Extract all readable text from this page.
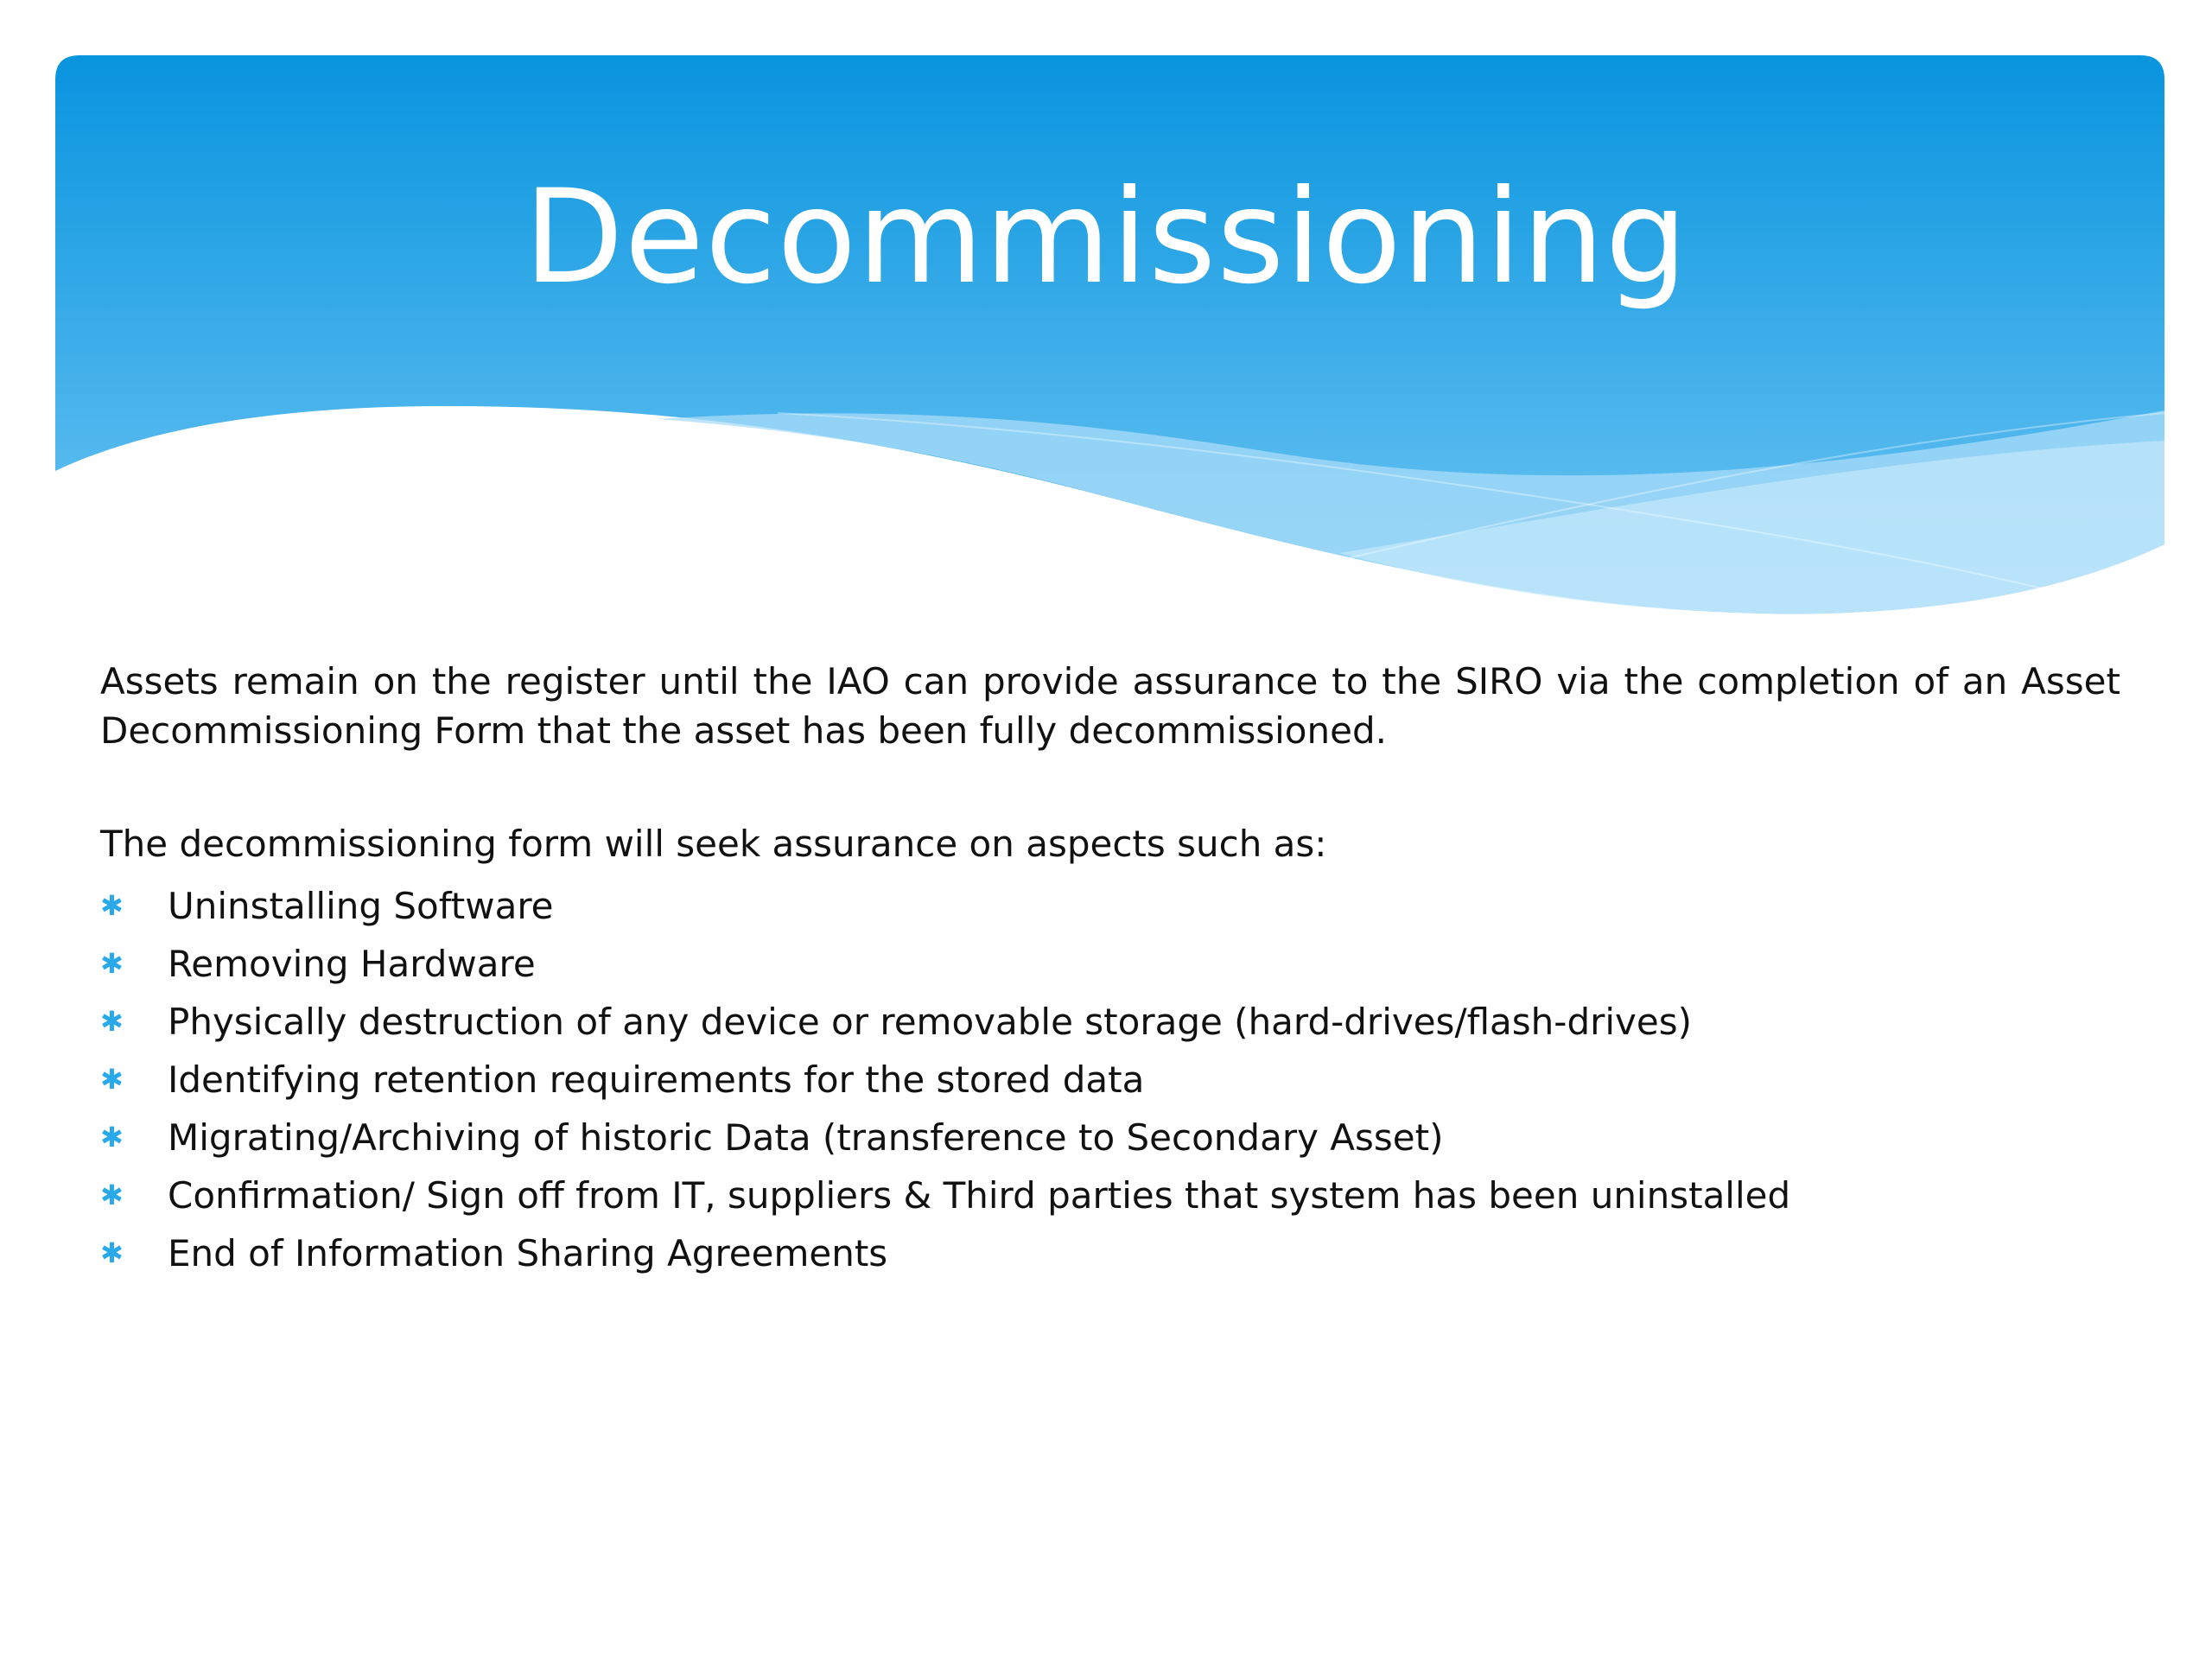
Decommissioning

Assets remain on the register until the IAO can provide assurance to the SIRO via the completion of an Asset Decommissioning Form that the asset has been fully decommissioned.

The decommissioning form will seek assurance on aspects such as:

✱	Uninstalling Software
✱	Removing Hardware
✱	Physically destruction of any device or removable storage (hard-drives/flash-drives)
✱	Identifying retention requirements for the stored data
✱	Migrating/Archiving of historic Data (transference to Secondary Asset)
✱	Confirmation/ Sign off from IT, suppliers & Third parties that system has been uninstalled
✱	End of Information Sharing Agreements
